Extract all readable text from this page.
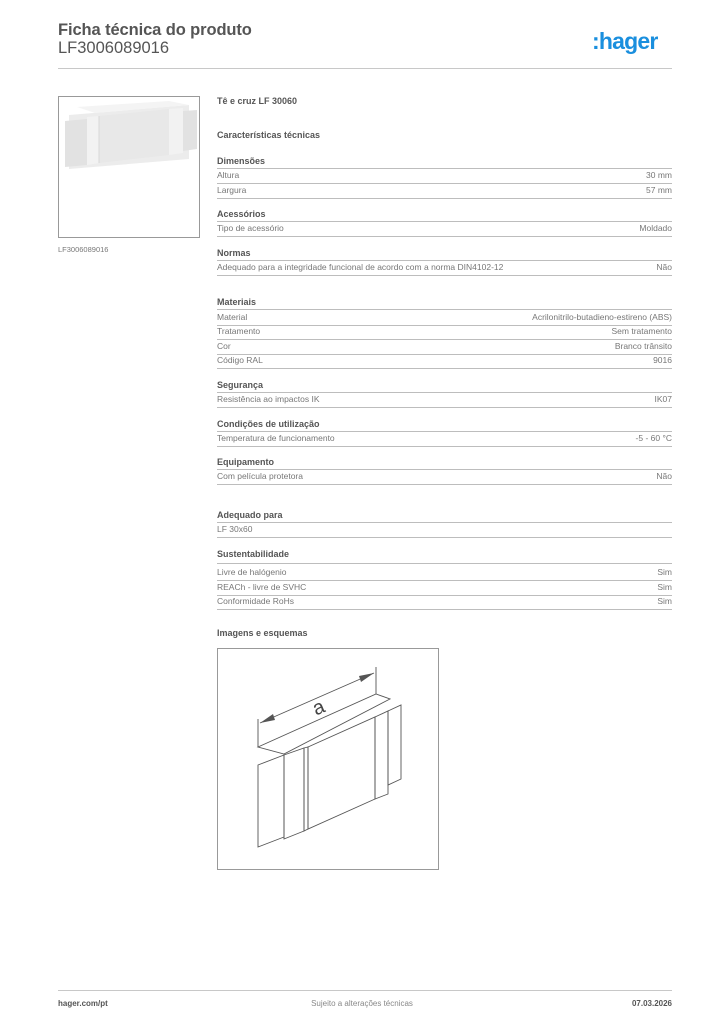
Ficha técnica do produto
LF3006089016	:hager
LF3006089016
Tê e cruz LF 30060
Características técnicas
Dimensões
Altura	30 mm
Largura	57 mm
Acessórios
Tipo de acessório	Moldado
Normas
Adequado para a integridade funcional de acordo com a norma DIN4102-12	Não
Materiais
Material	Acrilonitrilo-butadieno-estireno (ABS)
Tratamento	Sem tratamento
Cor	Branco trânsito
Código RAL	9016
Segurança
Resistência ao impactos IK	IK07
Condições de utilização
Temperatura de funcionamento	-5 - 60 °C
Equipamento
Com película protetora	Não
Adequado para
LF 30x60
Sustentabilidade
Livre de halógenio	Sim
REACh - livre de SVHC	Sim
Conformidade RoHs	Sim
Imagens e esquemas
a
hager.com/pt	Sujeito a alterações técnicas	07.03.2026
